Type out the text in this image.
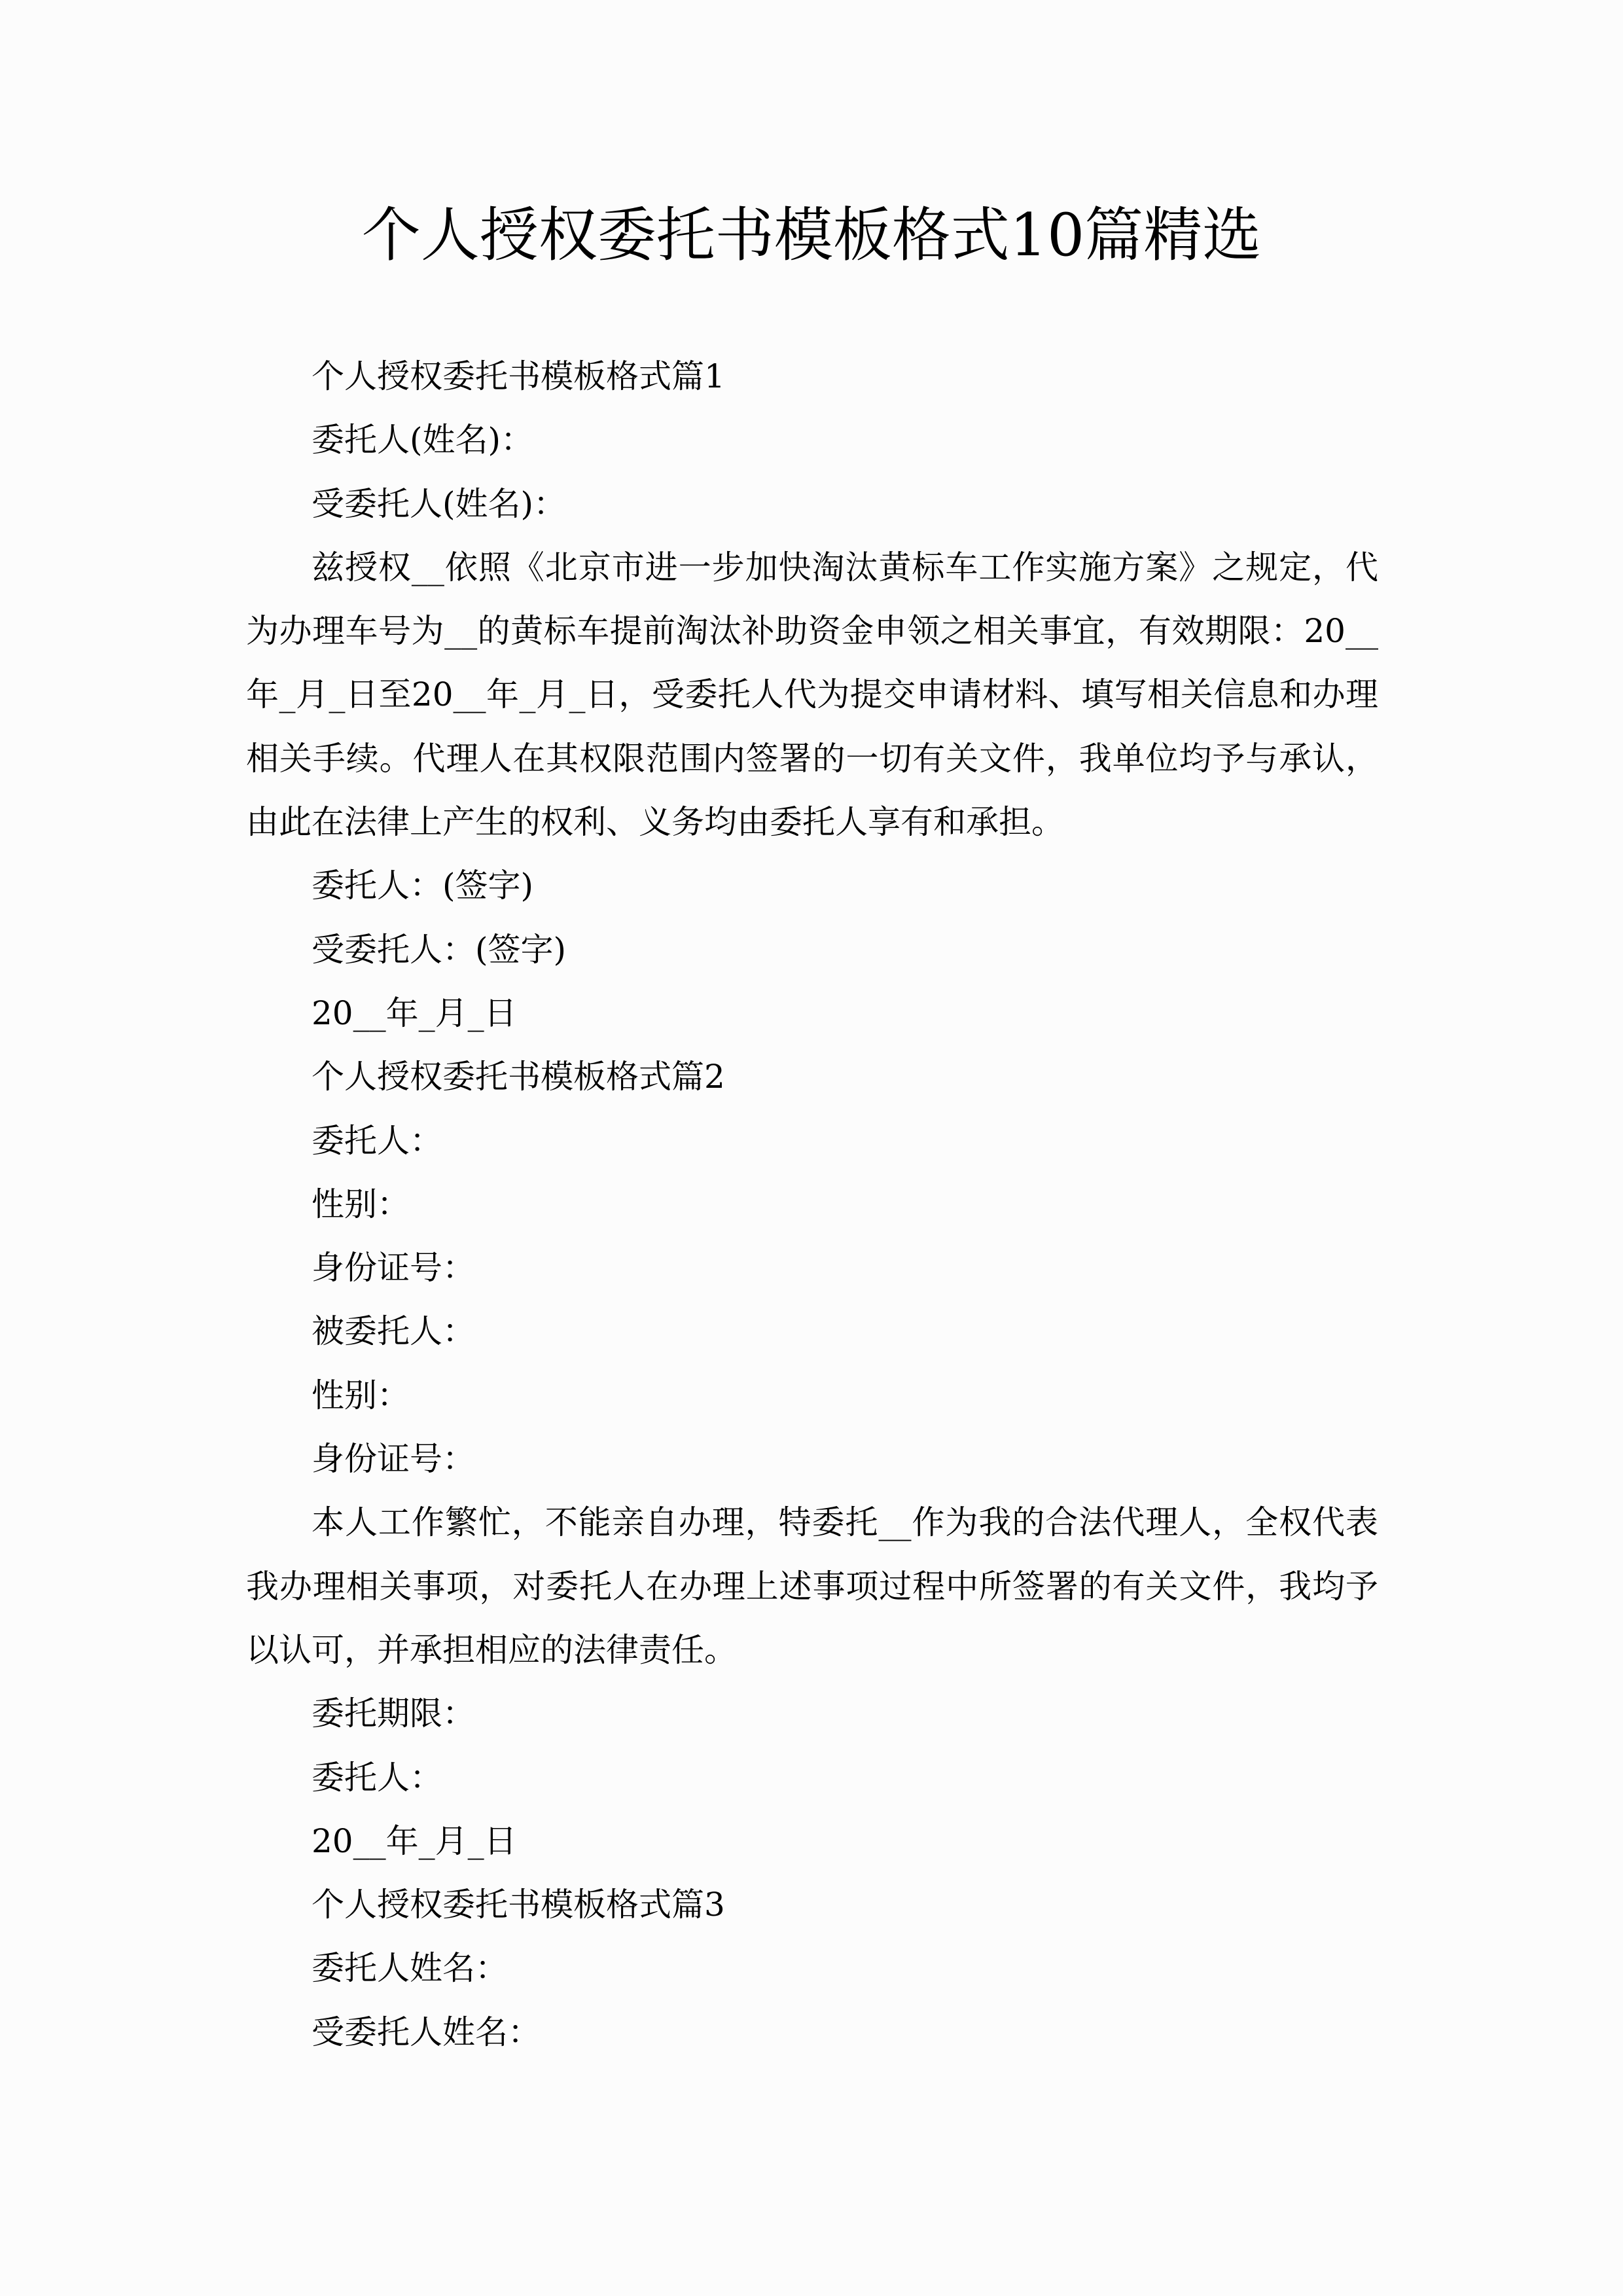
个人授权委托书模板格式10篇精选

个人授权委托书模板格式篇1

委托人(姓名)：

受委托人(姓名)：

兹授权__依照《北京市进一步加快淘汰黄标车工作实施方案》之规定，代为办理车号为__的黄标车提前淘汰补助资金申领之相关事宜，有效期限：20__年_月_日至20__年_月_日，受委托人代为提交申请材料、填写相关信息和办理相关手续。代理人在其权限范围内签署的一切有关文件，我单位均予与承认，由此在法律上产生的权利、义务均由委托人享有和承担。

委托人：(签字)

受委托人：(签字)

20__年_月_日

个人授权委托书模板格式篇2

委托人：

性别：

身份证号：

被委托人：

性别：

身份证号：

本人工作繁忙，不能亲自办理，特委托__作为我的合法代理人，全权代表我办理相关事项，对委托人在办理上述事项过程中所签署的有关文件，我均予以认可，并承担相应的法律责任。

委托期限：

委托人：

20__年_月_日

个人授权委托书模板格式篇3

委托人姓名：

受委托人姓名：
